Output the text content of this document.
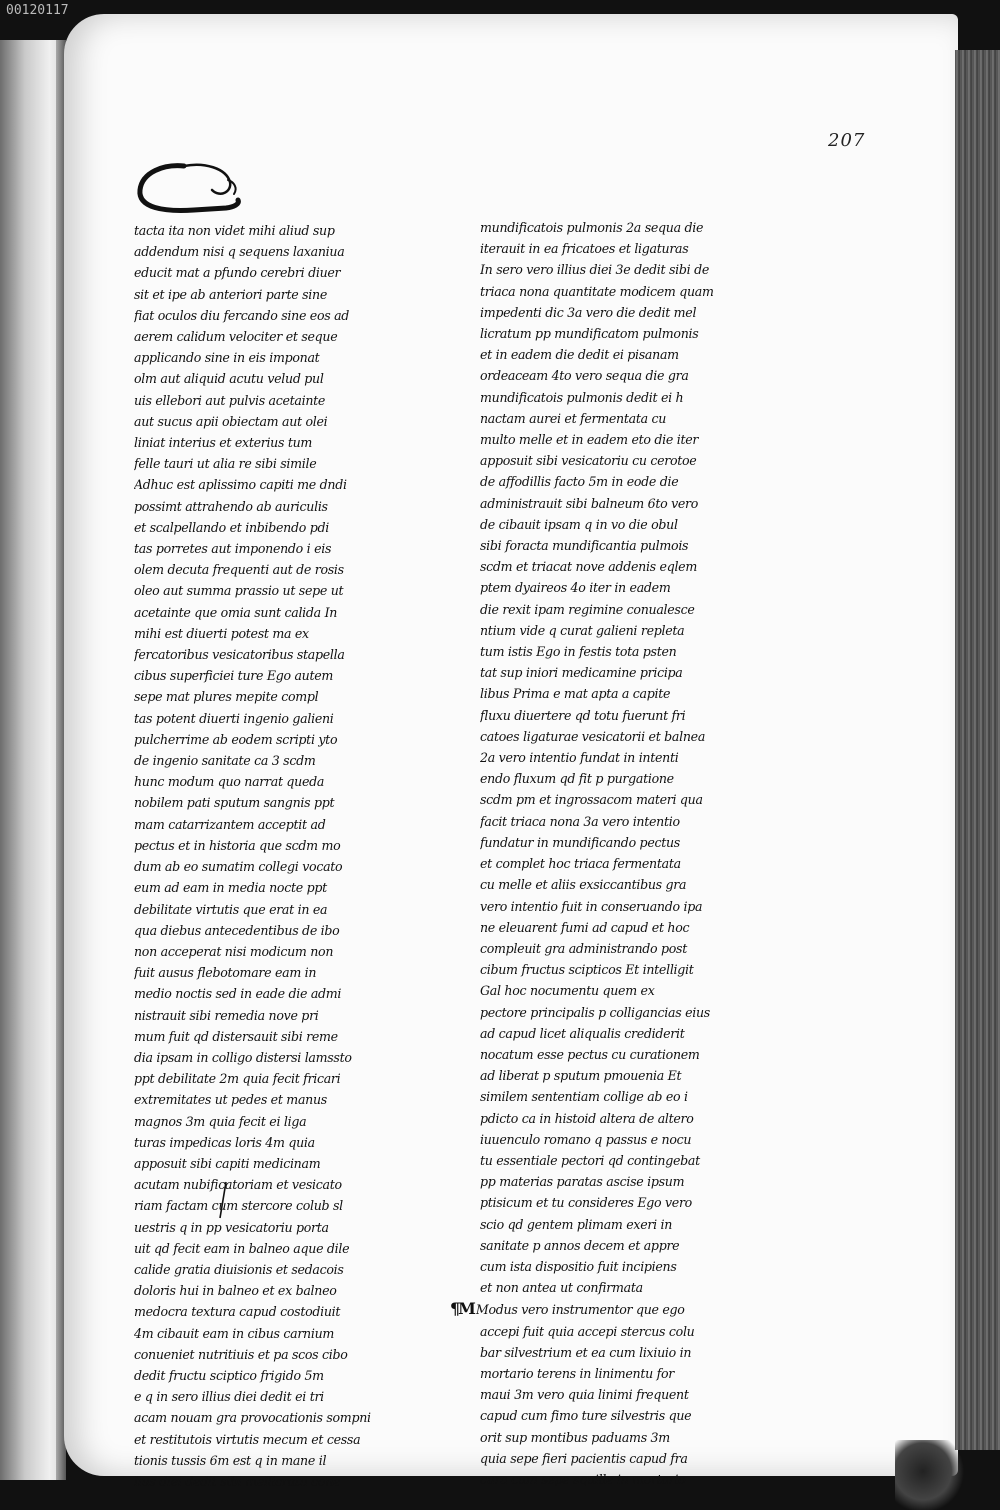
00120117
207
C
tacta ita non videt mihi aliud sup
addendum nisi q sequens laxaniua
educit mat a pfundo cerebri diuer
sit et ipe ab anteriori parte sine
fiat oculos diu fercando sine eos ad
aerem calidum velociter et seque
applicando sine in eis imponat
olm aut aliquid acutu velud pul
uis ellebori aut pulvis acetainte
aut sucus apii obiectam aut olei
liniat interius et exterius tum
felle tauri ut alia re sibi simile
Adhuc est aplissimo capiti me dndi
possimt attrahendo ab auriculis
et scalpellando et inbibendo pdi
tas porretes aut imponendo i eis
olem decuta frequenti aut de rosis
oleo aut summa prassio ut sepe ut
acetainte que omia sunt calida In
mihi est diuerti potest ma ex
fercatoribus vesicatoribus stapella
cibus superficiei ture Ego autem
sepe mat plures mepite compl
tas potent diuerti ingenio galieni
pulcherrime ab eodem scripti yto
de ingenio sanitate ca 3 scdm
hunc modum quo narrat queda
nobilem pati sputum sangnis ppt
mam catarrizantem acceptit ad
pectus et in historia que scdm mo
dum ab eo sumatim collegi vocato
eum ad eam in media nocte ppt
debilitate virtutis que erat in ea
qua diebus antecedentibus de ibo
non acceperat nisi modicum non
fuit ausus flebotomare eam in
medio noctis sed in eade die admi
nistrauit sibi remedia nove pri
mum fuit qd distersauit sibi reme
dia ipsam in colligo distersi lamssto
ppt debilitate 2m quia fecit fricari
extremitates ut pedes et manus
magnos 3m quia fecit ei liga
turas impedicas loris 4m quia
apposuit sibi capiti medicinam
acutam nubificatoriam et vesicato
riam factam cum stercore colub sl
uestris q in pp vesicatoriu porta
uit qd fecit eam in balneo aque dile
calide gratia diuisionis et sedacois
doloris hui in balneo et ex balneo
medocra textura capud costodiuit
4m cibauit eam in cibus carnium
conueniet nutritiuis et pa scos cibo
dedit fructu sciptico frigido 5m
e q in sero illius diei dedit ei tri
acam nouam gra provocationis sompni
et restitutois virtutis mecum et cessa
tionis tussis 6m est q in mane il
lius diei dedit sibi mellicratu cone
mundificatois pulmonis 2a sequa die
iterauit in ea fricatoes et ligaturas
In sero vero illius diei 3e dedit sibi de
triaca nona quantitate modicem quam
impedenti dic 3a vero die dedit mel
licratum pp mundificatom pulmonis
et in eadem die dedit ei pisanam
ordeaceam 4to vero sequa die gra
mundificatois pulmonis dedit ei h
nactam aurei et fermentata cu
multo melle et in eadem eto die iter
apposuit sibi vesicatoriu cu cerotoe
de affodillis facto 5m in eode die
administrauit sibi balneum 6to vero
de cibauit ipsam q in vo die obul
sibi foracta mundificantia pulmois
scdm et triacat nove addenis eqlem
ptem dyaireos 4o iter in eadem
die rexit ipam regimine conualesce
ntium vide q curat galieni repleta
tum istis Ego in festis tota psten
tat sup iniori medicamine pricipa
libus Prima e mat apta a capite
fluxu diuertere qd totu fuerunt fri
catoes ligaturae vesicatorii et balnea
2a vero intentio fundat in intenti
endo fluxum qd fit p purgatione
scdm pm et ingrossacom materi qua
facit triaca nona 3a vero intentio
fundatur in mundificando pectus
et complet hoc triaca fermentata
cu melle et aliis exsiccantibus gra
vero intentio fuit in conseruando ipa
ne eleuarent fumi ad capud et hoc
compleuit gra administrando post
cibum fructus scipticos Et intelligit
Gal hoc nocumentu quem ex
pectore principalis p colligancias eius
ad capud licet aliqualis crediderit
nocatum esse pectus cu curationem
ad liberat p sputum pmouenia Et
similem sententiam collige ab eo i
pdicto ca in histoid altera de altero
iuuenculo romano q passus e nocu
tu essentiale pectori qd contingebat
pp materias paratas ascise ipsum
ptisicum et tu consideres Ego vero
scio qd gentem plimam exeri in
sanitate p annos decem et appre
cum ista dispositio fuit incipiens
et non antea ut confirmata
¶M Modus vero instrumentor que ego
accepi fuit quia accepi stercus colu
bar silvestrium et ea cum lixiuio in
mortario terens in linimentu for
maui 3m vero quia linimi frequent
capud cum fimo ture silvestris que
orit sup montibus paduams 3m
quia sepe fieri pacientis capud fra
cura cum sepe squille in mortario
